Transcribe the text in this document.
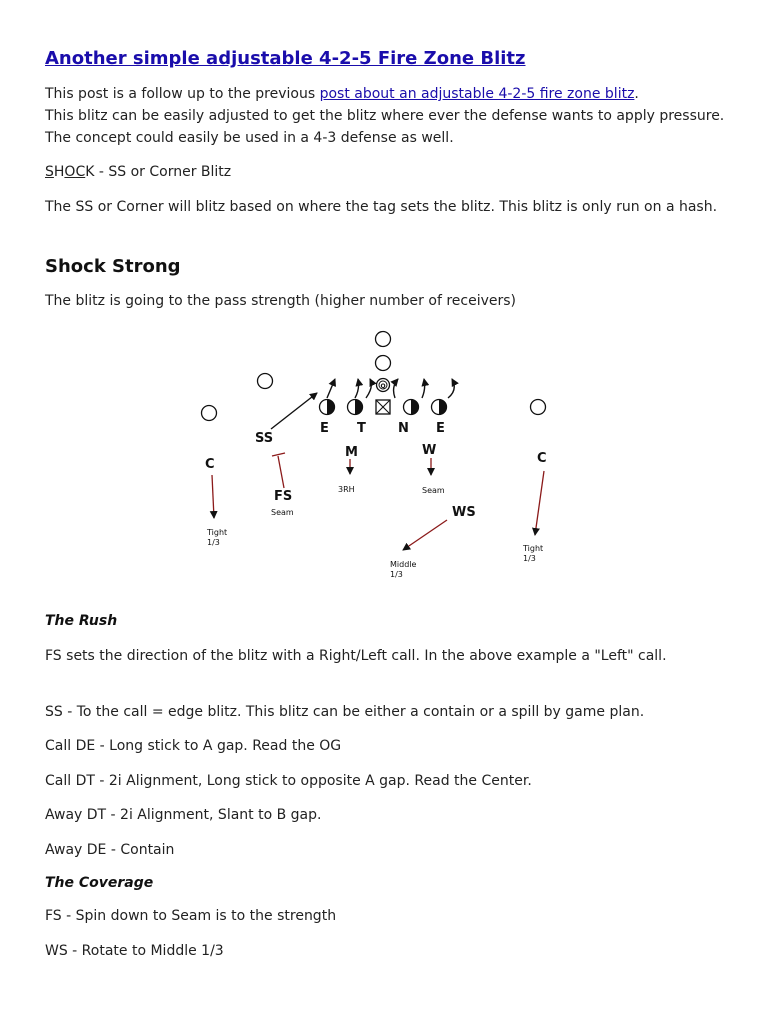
Another simple adjustable 4-2-5 Fire Zone Blitz

This post is a follow up to the previous post about an adjustable 4-2-5 fire zone blitz.
This blitz can be easily adjusted to get the blitz where ever the defense wants to apply pressure. The concept could easily be used in a 4-3 defense as well.

SHOCK - SS or Corner Blitz

The SS or Corner will blitz based on where the tag sets the blitz. This blitz is only run on a hash.

Shock Strong

The blitz is going to the pass strength (higher number of receivers)

The Rush

FS sets the direction of the blitz with a Right/Left call. In the above example a "Left" call.

SS - To the call = edge blitz. This blitz can be either a contain or a spill by game plan.

Call DE - Long stick to A gap. Read the OG

Call DT - 2i Alignment, Long stick to opposite A gap. Read the Center.

Away DT - 2i Alignment, Slant to B gap.

Away DE - Contain

The Coverage

FS - Spin down to Seam is to the strength

WS - Rotate to Middle 1/3

Q
E T N E
SS
M
3RH
W
Seam
C
Tight
1/3
C
Tight
1/3
FS
Seam	WS
Middle
1/3
